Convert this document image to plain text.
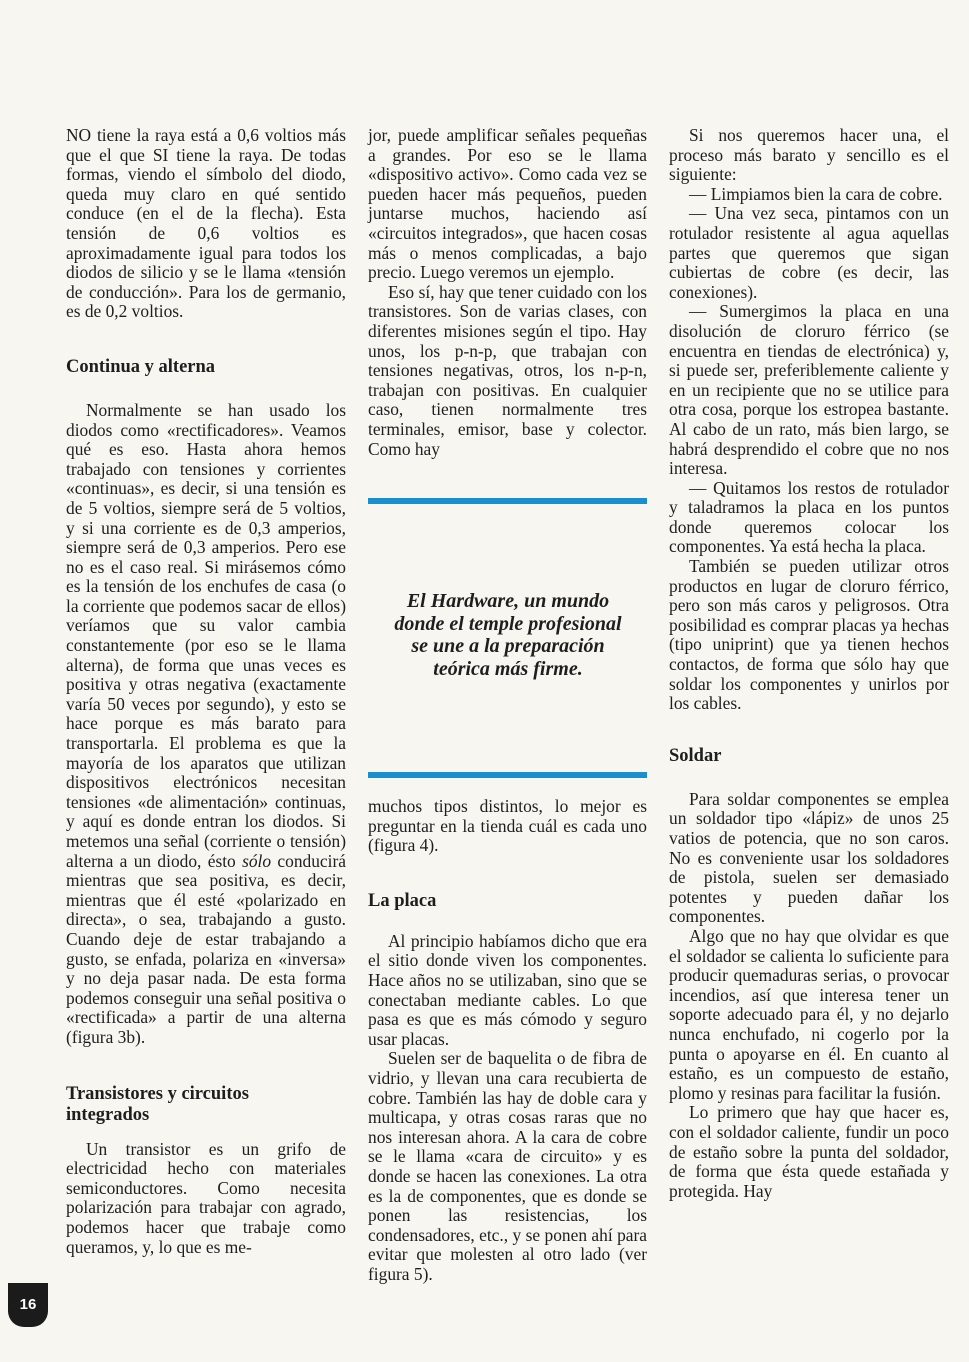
NO tiene la raya está a 0,6 voltios más que el que SI tiene la raya. De todas formas, viendo el símbolo del diodo, queda muy claro en qué sentido conduce (en el de la flecha). Esta tensión de 0,6 voltios es aproximadamente igual para todos los diodos de silicio y se le llama «tensión de conducción». Para los de germanio, es de 0,2 voltios.

Continua y alterna

Normalmente se han usado los diodos como «rectificadores». Veamos qué es eso. Hasta ahora hemos trabajado con tensiones y corrientes «continuas», es decir, si una tensión es de 5 voltios, siempre será de 5 voltios, y si una corriente es de 0,3 amperios, siempre será de 0,3 amperios. Pero ese no es el caso real. Si mirásemos cómo es la tensión de los enchufes de casa (o la corriente que podemos sacar de ellos) veríamos que su valor cambia constantemente (por eso se le llama alterna), de forma que unas veces es positiva y otras negativa (exactamente varía 50 veces por segundo), y esto se hace porque es más barato para transportarla. El problema es que la mayoría de los aparatos que utilizan dispositivos electrónicos necesitan tensiones «de alimentación» continuas, y aquí es donde entran los diodos. Si metemos una señal (corriente o tensión) alterna a un diodo, ésto sólo conducirá mientras que sea positiva, es decir, mientras que él esté «polarizado en directa», o sea, trabajando a gusto. Cuando deje de estar trabajando a gusto, se enfada, polariza en «inversa» y no deja pasar nada. De esta forma podemos conseguir una señal positiva o «rectificada» a partir de una alterna (figura 3b).

Transistores y circuitos
integrados

Un transistor es un grifo de electricidad hecho con materiales semiconductores. Como necesita polarización para trabajar con agrado, podemos hacer que trabaje como queramos, y, lo que es me-

jor, puede amplificar señales pequeñas a grandes. Por eso se le llama «dispositivo activo». Como cada vez se pueden hacer más pequeños, pueden juntarse muchos, haciendo así «circuitos integrados», que hacen cosas más o menos complicadas, a bajo precio. Luego veremos un ejemplo.

Eso sí, hay que tener cuidado con los transistores. Son de varias clases, con diferentes misiones según el tipo. Hay unos, los p-n-p, que trabajan con tensiones negativas, otros, los n-p-n, trabajan con positivas. En cualquier caso, tienen normalmente tres terminales, emisor, base y colector. Como hay

El Hardware, un mundo
donde el temple profesional
se une a la preparación
teórica más firme.

muchos tipos distintos, lo mejor es preguntar en la tienda cuál es cada uno (figura 4).

La placa

Al principio habíamos dicho que era el sitio donde viven los componentes. Hace años no se utilizaban, sino que se conectaban mediante cables. Lo que pasa es que es más cómodo y seguro usar placas.

Suelen ser de baquelita o de fibra de vidrio, y llevan una cara recubierta de cobre. También las hay de doble cara y multicapa, y otras cosas raras que no nos interesan ahora. A la cara de cobre se le llama «cara de circuito» y es donde se hacen las conexiones. La otra es la de componentes, que es donde se ponen las resistencias, los condensadores, etc., y se ponen ahí para evitar que molesten al otro lado (ver figura 5).

Si nos queremos hacer una, el proceso más barato y sencillo es el siguiente:

— Limpiamos bien la cara de cobre.

— Una vez seca, pintamos con un rotulador resistente al agua aquellas partes que queremos que sigan cubiertas de cobre (es decir, las conexiones).

— Sumergimos la placa en una disolución de cloruro férrico (se encuentra en tiendas de electrónica) y, si puede ser, preferiblemente caliente y en un recipiente que no se utilice para otra cosa, porque los estropea bastante. Al cabo de un rato, más bien largo, se habrá desprendido el cobre que no nos interesa.

— Quitamos los restos de rotulador y taladramos la placa en los puntos donde queremos colocar los componentes. Ya está hecha la placa.

También se pueden utilizar otros productos en lugar de cloruro férrico, pero son más caros y peligrosos. Otra posibilidad es comprar placas ya hechas (tipo uniprint) que ya tienen hechos contactos, de forma que sólo hay que soldar los componentes y unirlos por los cables.

Soldar

Para soldar componentes se emplea un soldador tipo «lápiz» de unos 25 vatios de potencia, que no son caros. No es conveniente usar los soldadores de pistola, suelen ser demasiado potentes y pueden dañar los componentes.

Algo que no hay que olvidar es que el soldador se calienta lo suficiente para producir quemaduras serias, o provocar incendios, así que interesa tener un soporte adecuado para él, y no dejarlo nunca enchufado, ni cogerlo por la punta o apoyarse en él. En cuanto al estaño, es un compuesto de estaño, plomo y resinas para facilitar la fusión.

Lo primero que hay que hacer es, con el soldador caliente, fundir un poco de estaño sobre la punta del soldador, de forma que ésta quede estañada y protegida. Hay

16
